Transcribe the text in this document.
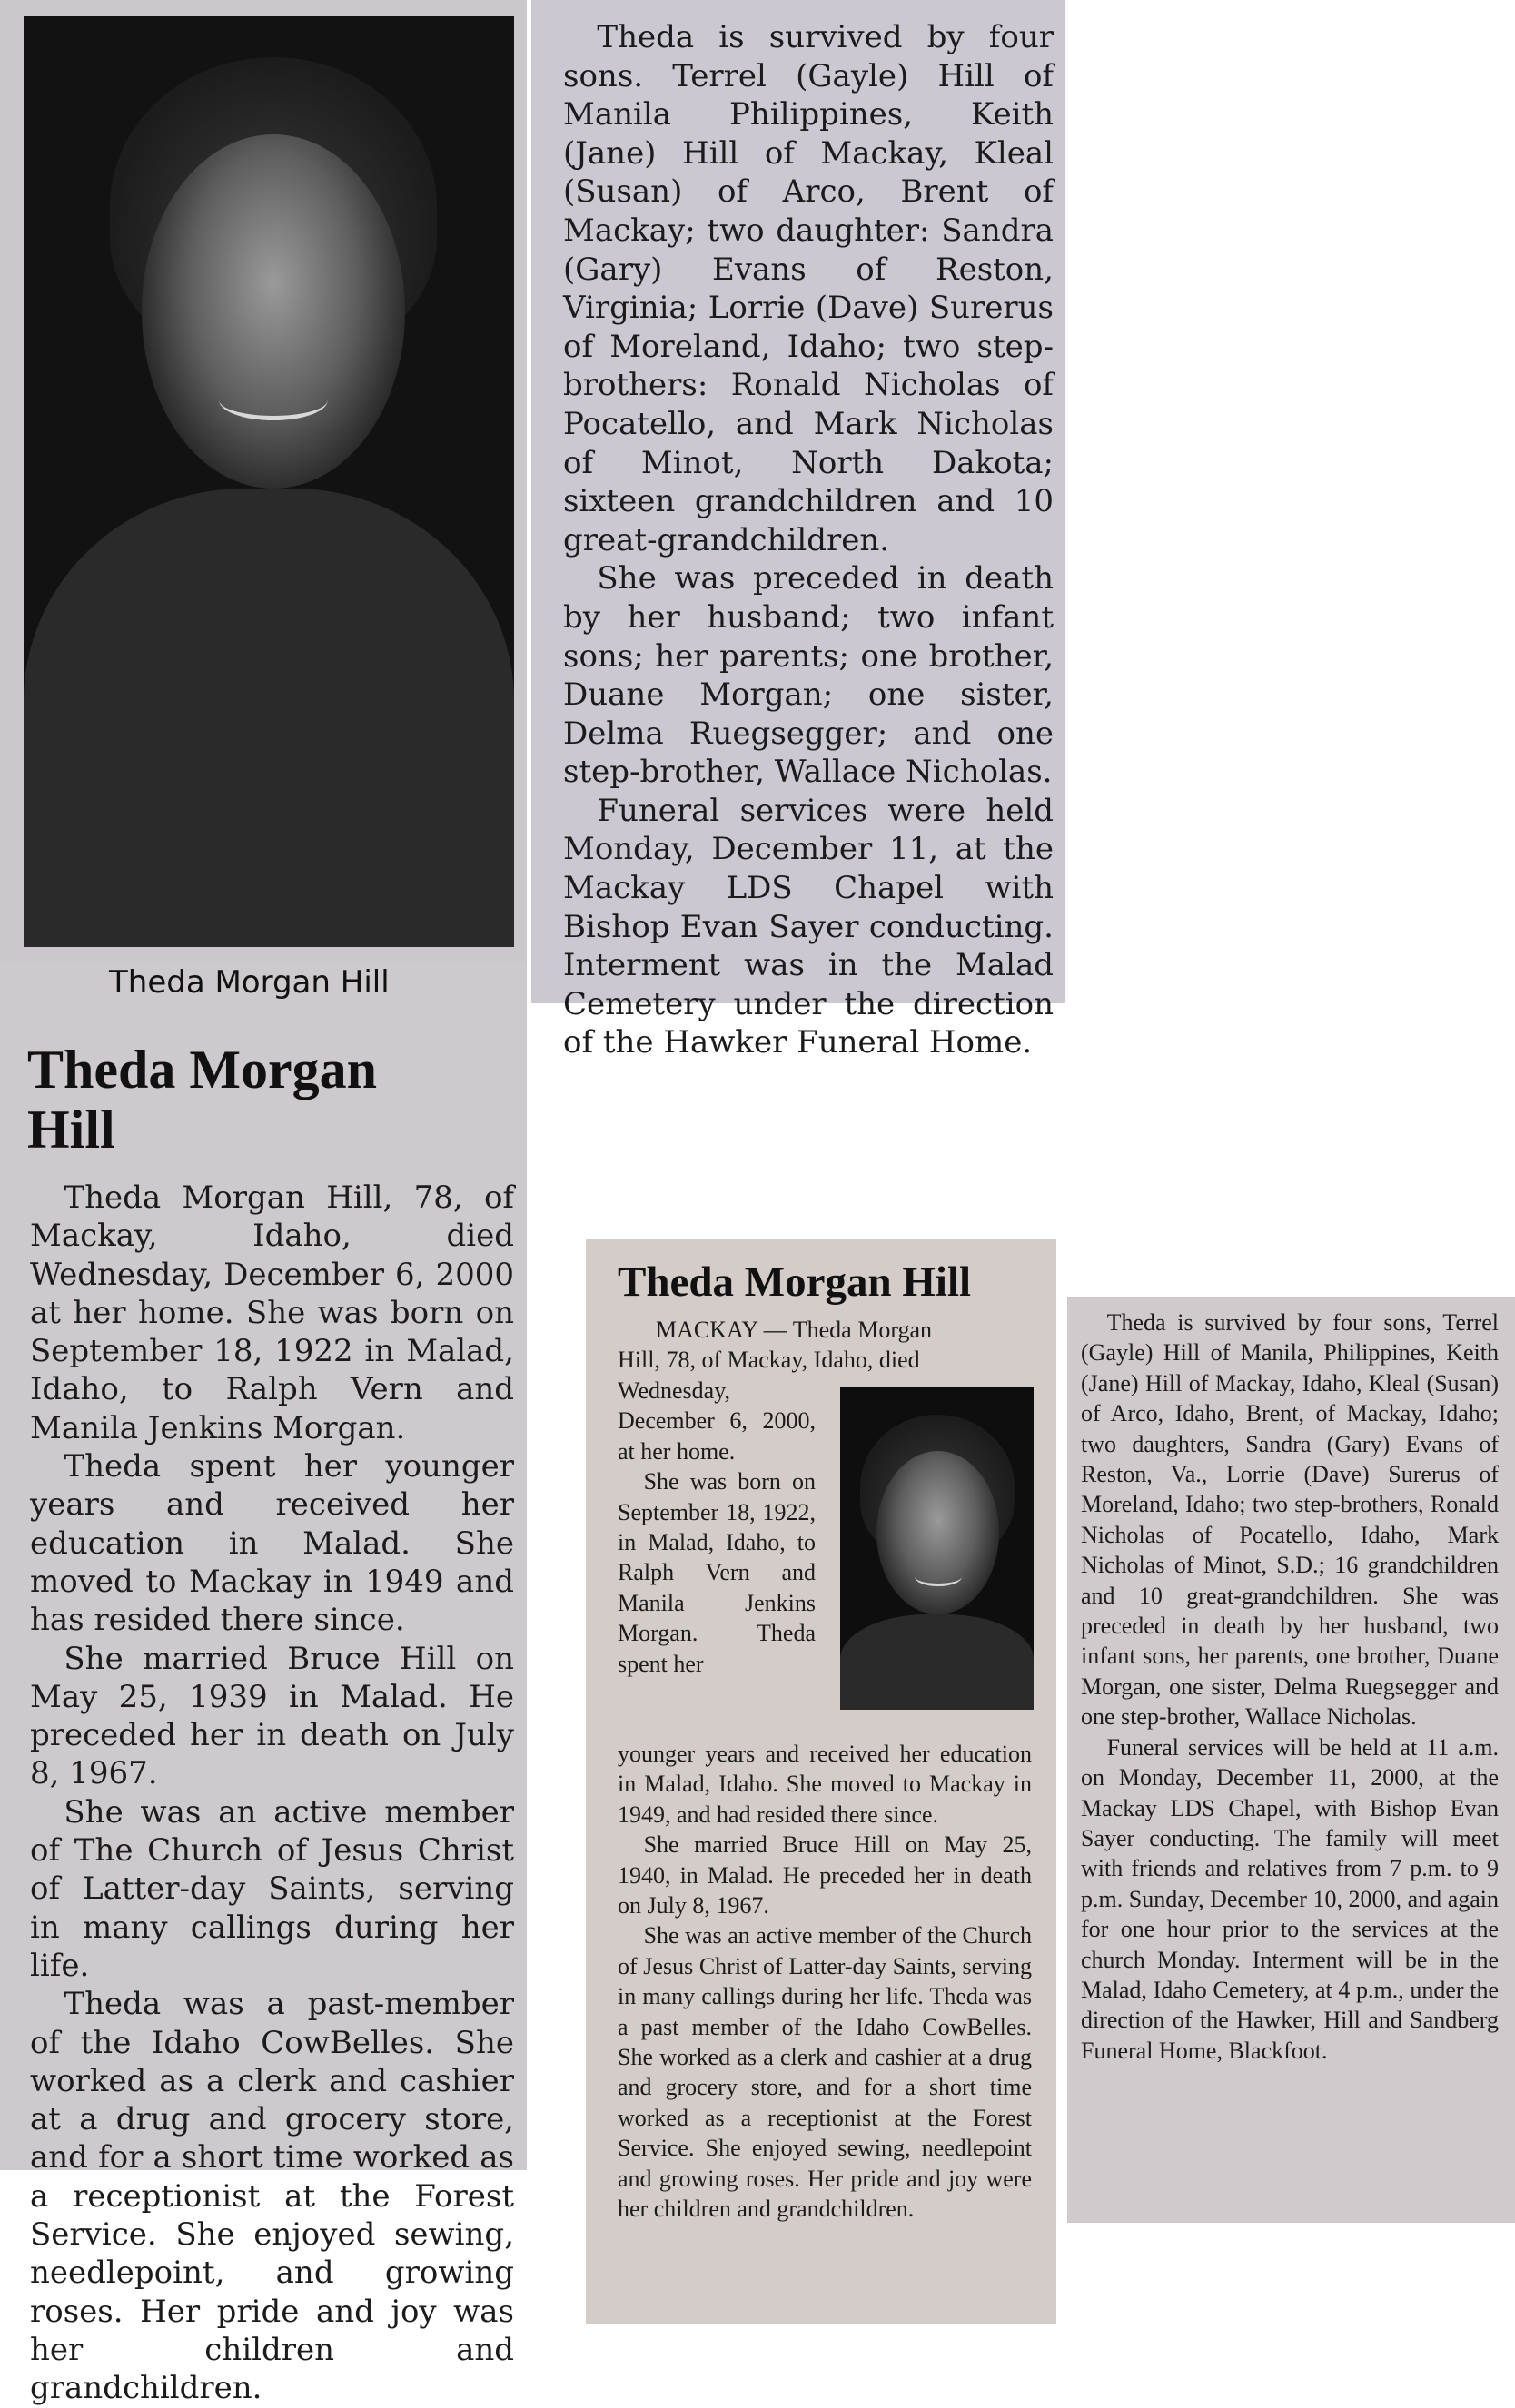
Theda Morgan Hill
Theda Morgan Hill

Theda Morgan Hill, 78, of Mackay, Idaho, died Wednesday, December 6, 2000 at her home. She was born on September 18, 1922 in Malad, Idaho, to Ralph Vern and Manila Jenkins Morgan.

Theda spent her younger years and received her education in Malad. She moved to Mackay in 1949 and has resided there since.

She married Bruce Hill on May 25, 1939 in Malad. He preceded her in death on July 8, 1967.

She was an active member of The Church of Jesus Christ of Latter-day Saints, serving in many callings during her life.

Theda was a past-member of the Idaho CowBelles. She worked as a clerk and cashier at a drug and grocery store, and for a short time worked as a receptionist at the Forest Service. She enjoyed sewing, needlepoint, and growing roses. Her pride and joy was her children and grandchildren.

Theda is survived by four sons. Terrel (Gayle) Hill of Manila Philippines, Keith (Jane) Hill of Mackay, Kleal (Susan) of Arco, Brent of Mackay; two daughter: Sandra (Gary) Evans of Reston, Virginia; Lorrie (Dave) Surerus of Moreland, Idaho; two step-brothers: Ronald Nicholas of Pocatello, and Mark Nicholas of Minot, North Dakota; sixteen grandchildren and 10 great-grandchildren.

She was preceded in death by her husband; two infant sons; her parents; one brother, Duane Morgan; one sister, Delma Ruegsegger; and one step-brother, Wallace Nicholas.

Funeral services were held Monday, December 11, at the Mackay LDS Chapel with Bishop Evan Sayer conducting. Interment was in the Malad Cemetery under the direction of the Hawker Funeral Home.

Theda Morgan Hill
MACKAY — Theda Morgan
Hill, 78, of Mackay, Idaho, died

Wednesday, December 6, 2000, at her home.

She was born on September 18, 1922, in Malad, Idaho, to Ralph Vern and Manila Jenkins Morgan. Theda spent her

younger years and received her education in Malad, Idaho. She moved to Mackay in 1949, and had resided there since.

She married Bruce Hill on May 25, 1940, in Malad. He preceded her in death on July 8, 1967.

She was an active member of the Church of Jesus Christ of Latter-day Saints, serving in many callings during her life. Theda was a past member of the Idaho CowBelles. She worked as a clerk and cashier at a drug and grocery store, and for a short time worked as a receptionist at the Forest Service. She enjoyed sewing, needlepoint and growing roses. Her pride and joy were her children and grandchildren.

Theda is survived by four sons, Terrel (Gayle) Hill of Manila, Philippines, Keith (Jane) Hill of Mackay, Idaho, Kleal (Susan) of Arco, Idaho, Brent, of Mackay, Idaho; two daughters, Sandra (Gary) Evans of Reston, Va., Lorrie (Dave) Surerus of Moreland, Idaho; two step-brothers, Ronald Nicholas of Pocatello, Idaho, Mark Nicholas of Minot, S.D.; 16 grandchildren and 10 great-grandchildren. She was preceded in death by her husband, two infant sons, her parents, one brother, Duane Morgan, one sister, Delma Ruegsegger and one step-brother, Wallace Nicholas.

Funeral services will be held at 11 a.m. on Monday, December 11, 2000, at the Mackay LDS Chapel, with Bishop Evan Sayer conducting. The family will meet with friends and relatives from 7 p.m. to 9 p.m. Sunday, December 10, 2000, and again for one hour prior to the services at the church Monday. Interment will be in the Malad, Idaho Cemetery, at 4 p.m., under the direction of the Hawker, Hill and Sandberg Funeral Home, Blackfoot.
